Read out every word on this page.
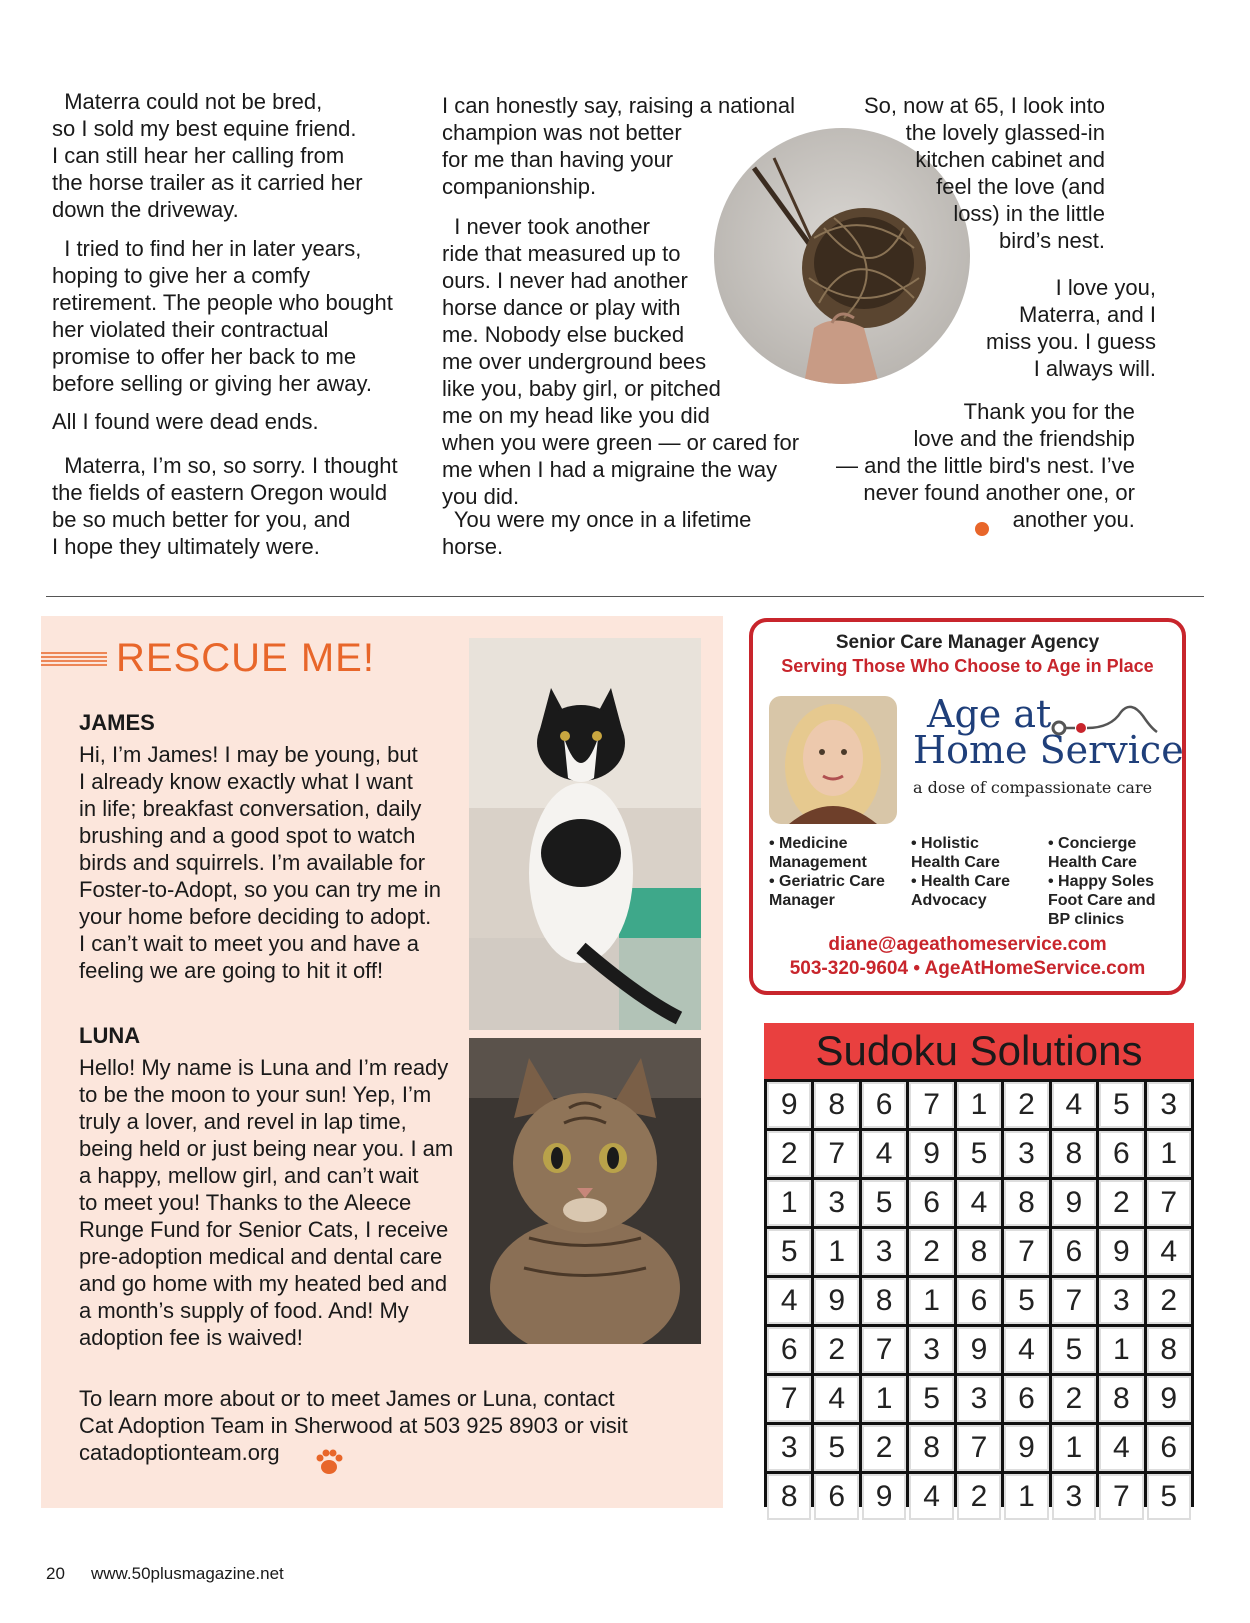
Materra could not be bred,
so I sold my best equine friend.
I can still hear her calling from
the horse trailer as it carried her
down the driveway.
I tried to find her in later years,
hoping to give her a comfy
retirement. The people who bought
her violated their contractual
promise to offer her back to me
before selling or giving her away.
All I found were dead ends.
Materra, I’m so, so sorry. I thought
the fields of eastern Oregon would
be so much better for you, and
I hope they ultimately were.
I can honestly say, raising a national
champion was not better
for me than having your
companionship.
I never took another
ride that measured up to
ours. I never had another
horse dance or play with
me. Nobody else bucked
me over underground bees
like you, baby girl, or pitched
me on my head like you did
when you were green — or cared for
me when I had a migraine the way
you did.
You were my once in a lifetime
horse.
So, now at 65, I look into
the lovely glassed-in
kitchen cabinet and
feel the love (and
loss) in the little
bird’s nest.
I love you,
Materra, and I
miss you. I guess
I always will.
Thank you for the
love and the friendship
— and the little bird's nest. I’ve
never found another one, or
another you.
RESCUE ME!
JAMES
Hi, I’m James! I may be young, but
I already know exactly what I want
in life; breakfast conversation, daily
brushing and a good spot to watch
birds and squirrels. I’m available for
Foster-to-Adopt, so you can try me in
your home before deciding to adopt.
I can’t wait to meet you and have a
feeling we are going to hit it off!
LUNA
Hello! My name is Luna and I’m ready
to be the moon to your sun! Yep, I’m
truly a lover, and revel in lap time,
being held or just being near you. I am
a happy, mellow girl, and can’t wait
to meet you! Thanks to the Aleece
Runge Fund for Senior Cats, I receive
pre-adoption medical and dental care
and go home with my heated bed and
a month’s supply of food. And! My
adoption fee is waived!
To learn more about or to meet James or Luna, contact
Cat Adoption Team in Sherwood at 503 925 8903 or visit
catadoptionteam.org
Senior Care Manager Agency
Serving Those Who Choose to Age in Place
Age at
Home Service
a dose of compassionate care
• Medicine
Management
• Geriatric Care
Manager
• Holistic
Health Care
• Health Care
Advocacy
• Concierge
Health Care
• Happy Soles
Foot Care and
BP clinics
diane@ageathomeservice.com
503-320-9604 • AgeAtHomeService.com
Sudoku Solutions
9	8	6	7	1	2	4	5	3
2	7	4	9	5	3	8	6	1
1	3	5	6	4	8	9	2	7
5	1	3	2	8	7	6	9	4
4	9	8	1	6	5	7	3	2
6	2	7	3	9	4	5	1	8
7	4	1	5	3	6	2	8	9
3	5	2	8	7	9	1	4	6
8	6	9	4	2	1	3	7	5
20 www.50plusmagazine.net
